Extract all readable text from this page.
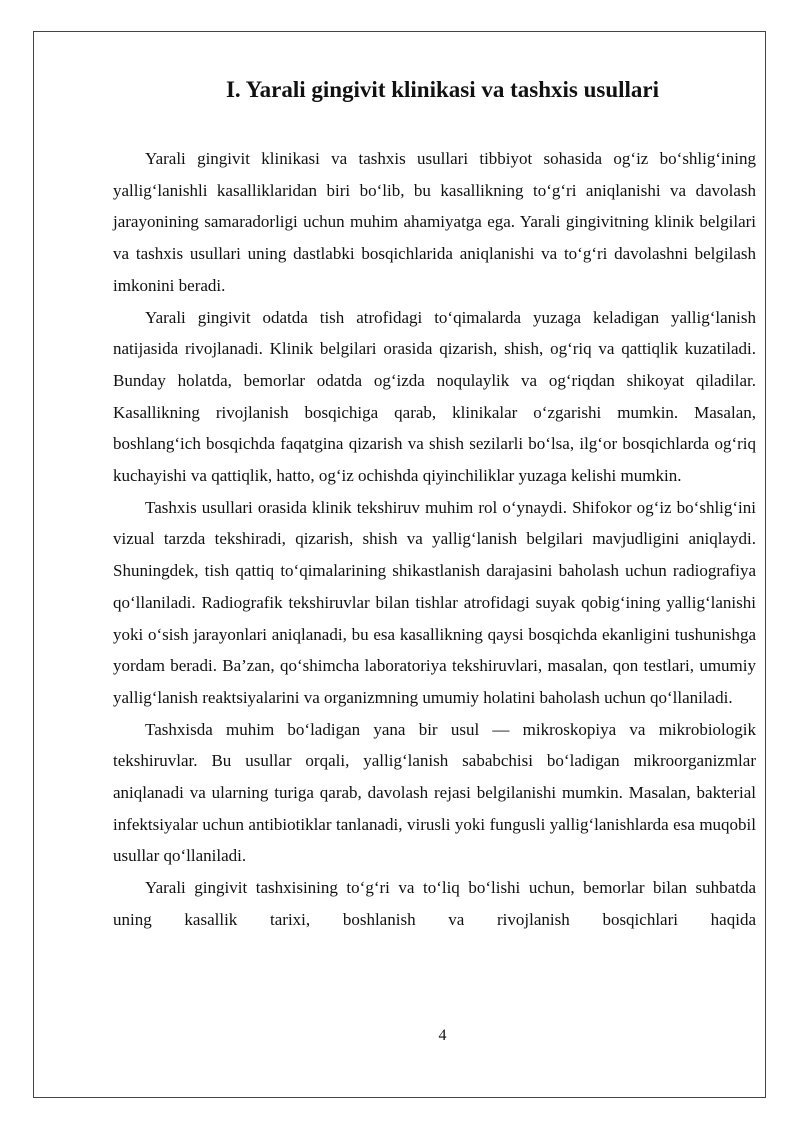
I. Yarali gingivit klinikasi va tashxis usullari

Yarali gingivit klinikasi va tashxis usullari tibbiyot sohasida og‘iz bo‘shlig‘ining yallig‘lanishli kasalliklaridan biri bo‘lib, bu kasallikning to‘g‘ri aniqlanishi va davolash jarayonining samaradorligi uchun muhim ahamiyatga ega. Yarali gingivitning klinik belgilari va tashxis usullari uning dastlabki bosqichlarida aniqlanishi va to‘g‘ri davolashni belgilash imkonini beradi.

Yarali gingivit odatda tish atrofidagi to‘qimalarda yuzaga keladigan yallig‘lanish natijasida rivojlanadi. Klinik belgilari orasida qizarish, shish, og‘riq va qattiqlik kuzatiladi. Bunday holatda, bemorlar odatda og‘izda noqulaylik va og‘riqdan shikoyat qiladilar. Kasallikning rivojlanish bosqichiga qarab, klinikalar o‘zgarishi mumkin. Masalan, boshlang‘ich bosqichda faqatgina qizarish va shish sezilarli bo‘lsa, ilg‘or bosqichlarda og‘riq kuchayishi va qattiqlik, hatto, og‘iz ochishda qiyinchiliklar yuzaga kelishi mumkin.

Tashxis usullari orasida klinik tekshiruv muhim rol o‘ynaydi. Shifokor og‘iz bo‘shlig‘ini vizual tarzda tekshiradi, qizarish, shish va yallig‘lanish belgilari mavjudligini aniqlaydi. Shuningdek, tish qattiq to‘qimalarining shikastlanish darajasini baholash uchun radiografiya qo‘llaniladi. Radiografik tekshiruvlar bilan tishlar atrofidagi suyak qobig‘ining yallig‘lanishi yoki o‘sish jarayonlari aniqlanadi, bu esa kasallikning qaysi bosqichda ekanligini tushunishga yordam beradi. Ba’zan, qo‘shimcha laboratoriya tekshiruvlari, masalan, qon testlari, umumiy yallig‘lanish reaktsiyalarini va organizmning umumiy holatini baholash uchun qo‘llaniladi.

Tashxisda muhim bo‘ladigan yana bir usul — mikroskopiya va mikrobiologik tekshiruvlar. Bu usullar orqali, yallig‘lanish sababchisi bo‘ladigan mikroorganizmlar aniqlanadi va ularning turiga qarab, davolash rejasi belgilanishi mumkin. Masalan, bakterial infektsiyalar uchun antibiotiklar tanlanadi, virusli yoki fungusli yallig‘lanishlarda esa muqobil usullar qo‘llaniladi.

Yarali gingivit tashxisining to‘g‘ri va to‘liq bo‘lishi uchun, bemorlar bilan suhbatda uning kasallik tarixi, boshlanish va rivojlanish bosqichlari haqida

4
